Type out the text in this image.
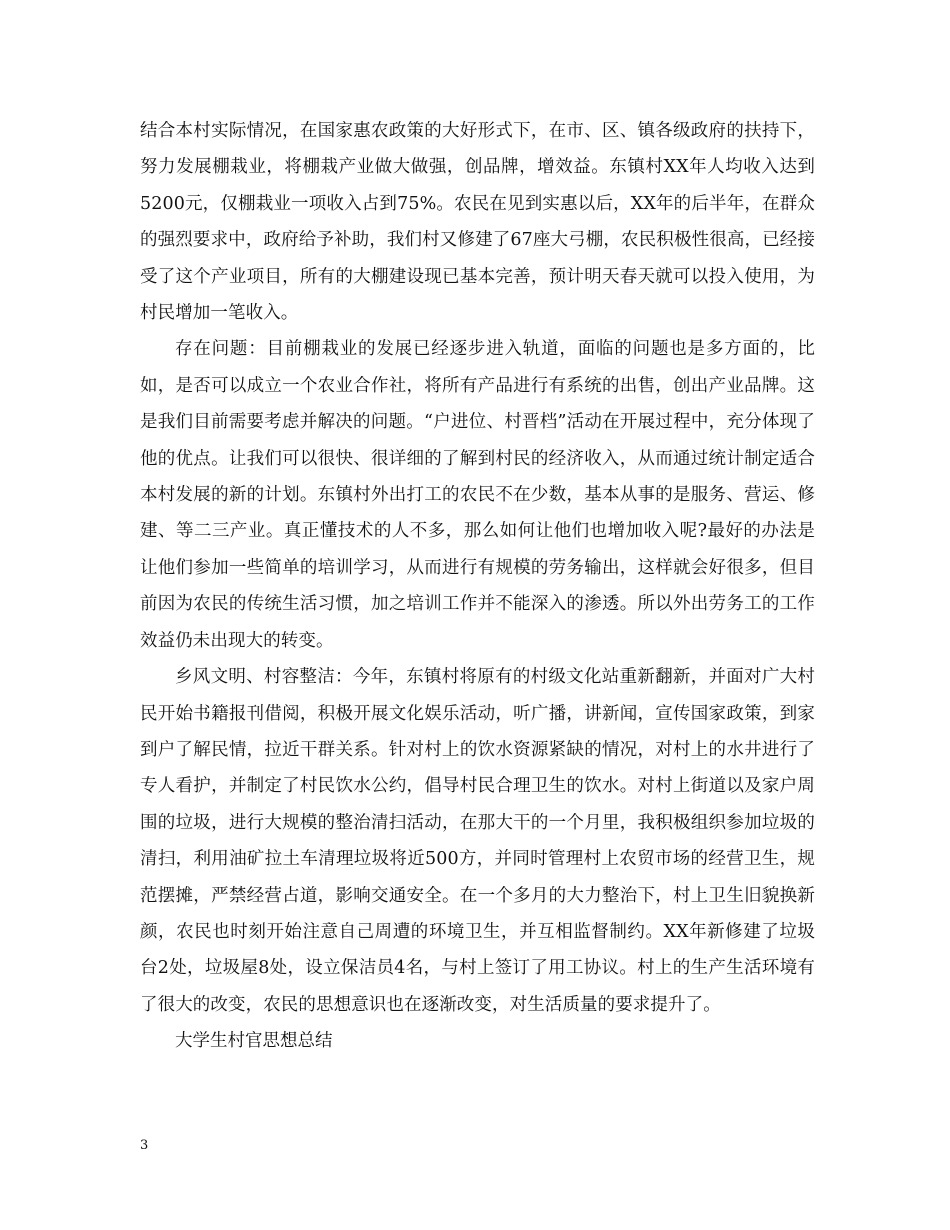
结合本村实际情况，在国家惠农政策的大好形式下，在市、区、镇各级政府的扶持下，努力发展棚栽业，将棚栽产业做大做强，创品牌，增效益。东镇村XX年人均收入达到5200元，仅棚栽业一项收入占到75%。农民在见到实惠以后，XX年的后半年，在群众的强烈要求中，政府给予补助，我们村又修建了67座大弓棚，农民积极性很高，已经接受了这个产业项目，所有的大棚建设现已基本完善，预计明天春天就可以投入使用，为村民增加一笔收入。

存在问题：目前棚栽业的发展已经逐步进入轨道，面临的问题也是多方面的，比如，是否可以成立一个农业合作社，将所有产品进行有系统的出售，创出产业品牌。这是我们目前需要考虑并解决的问题。“户进位、村晋档”活动在开展过程中，充分体现了他的优点。让我们可以很快、很详细的了解到村民的经济收入，从而通过统计制定适合本村发展的新的计划。东镇村外出打工的农民不在少数，基本从事的是服务、营运、修建、等二三产业。真正懂技术的人不多，那么如何让他们也增加收入呢?最好的办法是让他们参加一些简单的培训学习，从而进行有规模的劳务输出，这样就会好很多，但目前因为农民的传统生活习惯，加之培训工作并不能深入的渗透。所以外出劳务工的工作效益仍未出现大的转变。

乡风文明、村容整洁：今年，东镇村将原有的村级文化站重新翻新，并面对广大村民开始书籍报刊借阅，积极开展文化娱乐活动，听广播，讲新闻，宣传国家政策，到家到户了解民情，拉近干群关系。针对村上的饮水资源紧缺的情况，对村上的水井进行了专人看护，并制定了村民饮水公约，倡导村民合理卫生的饮水。对村上街道以及家户周围的垃圾，进行大规模的整治清扫活动，在那大干的一个月里，我积极组织参加垃圾的清扫，利用油矿拉土车清理垃圾将近500方，并同时管理村上农贸市场的经营卫生，规范摆摊，严禁经营占道，影响交通安全。在一个多月的大力整治下，村上卫生旧貌换新颜，农民也时刻开始注意自己周遭的环境卫生，并互相监督制约。XX年新修建了垃圾台2处，垃圾屋8处，设立保洁员4名，与村上签订了用工协议。村上的生产生活环境有了很大的改变，农民的思想意识也在逐渐改变，对生活质量的要求提升了。

大学生村官思想总结

3
